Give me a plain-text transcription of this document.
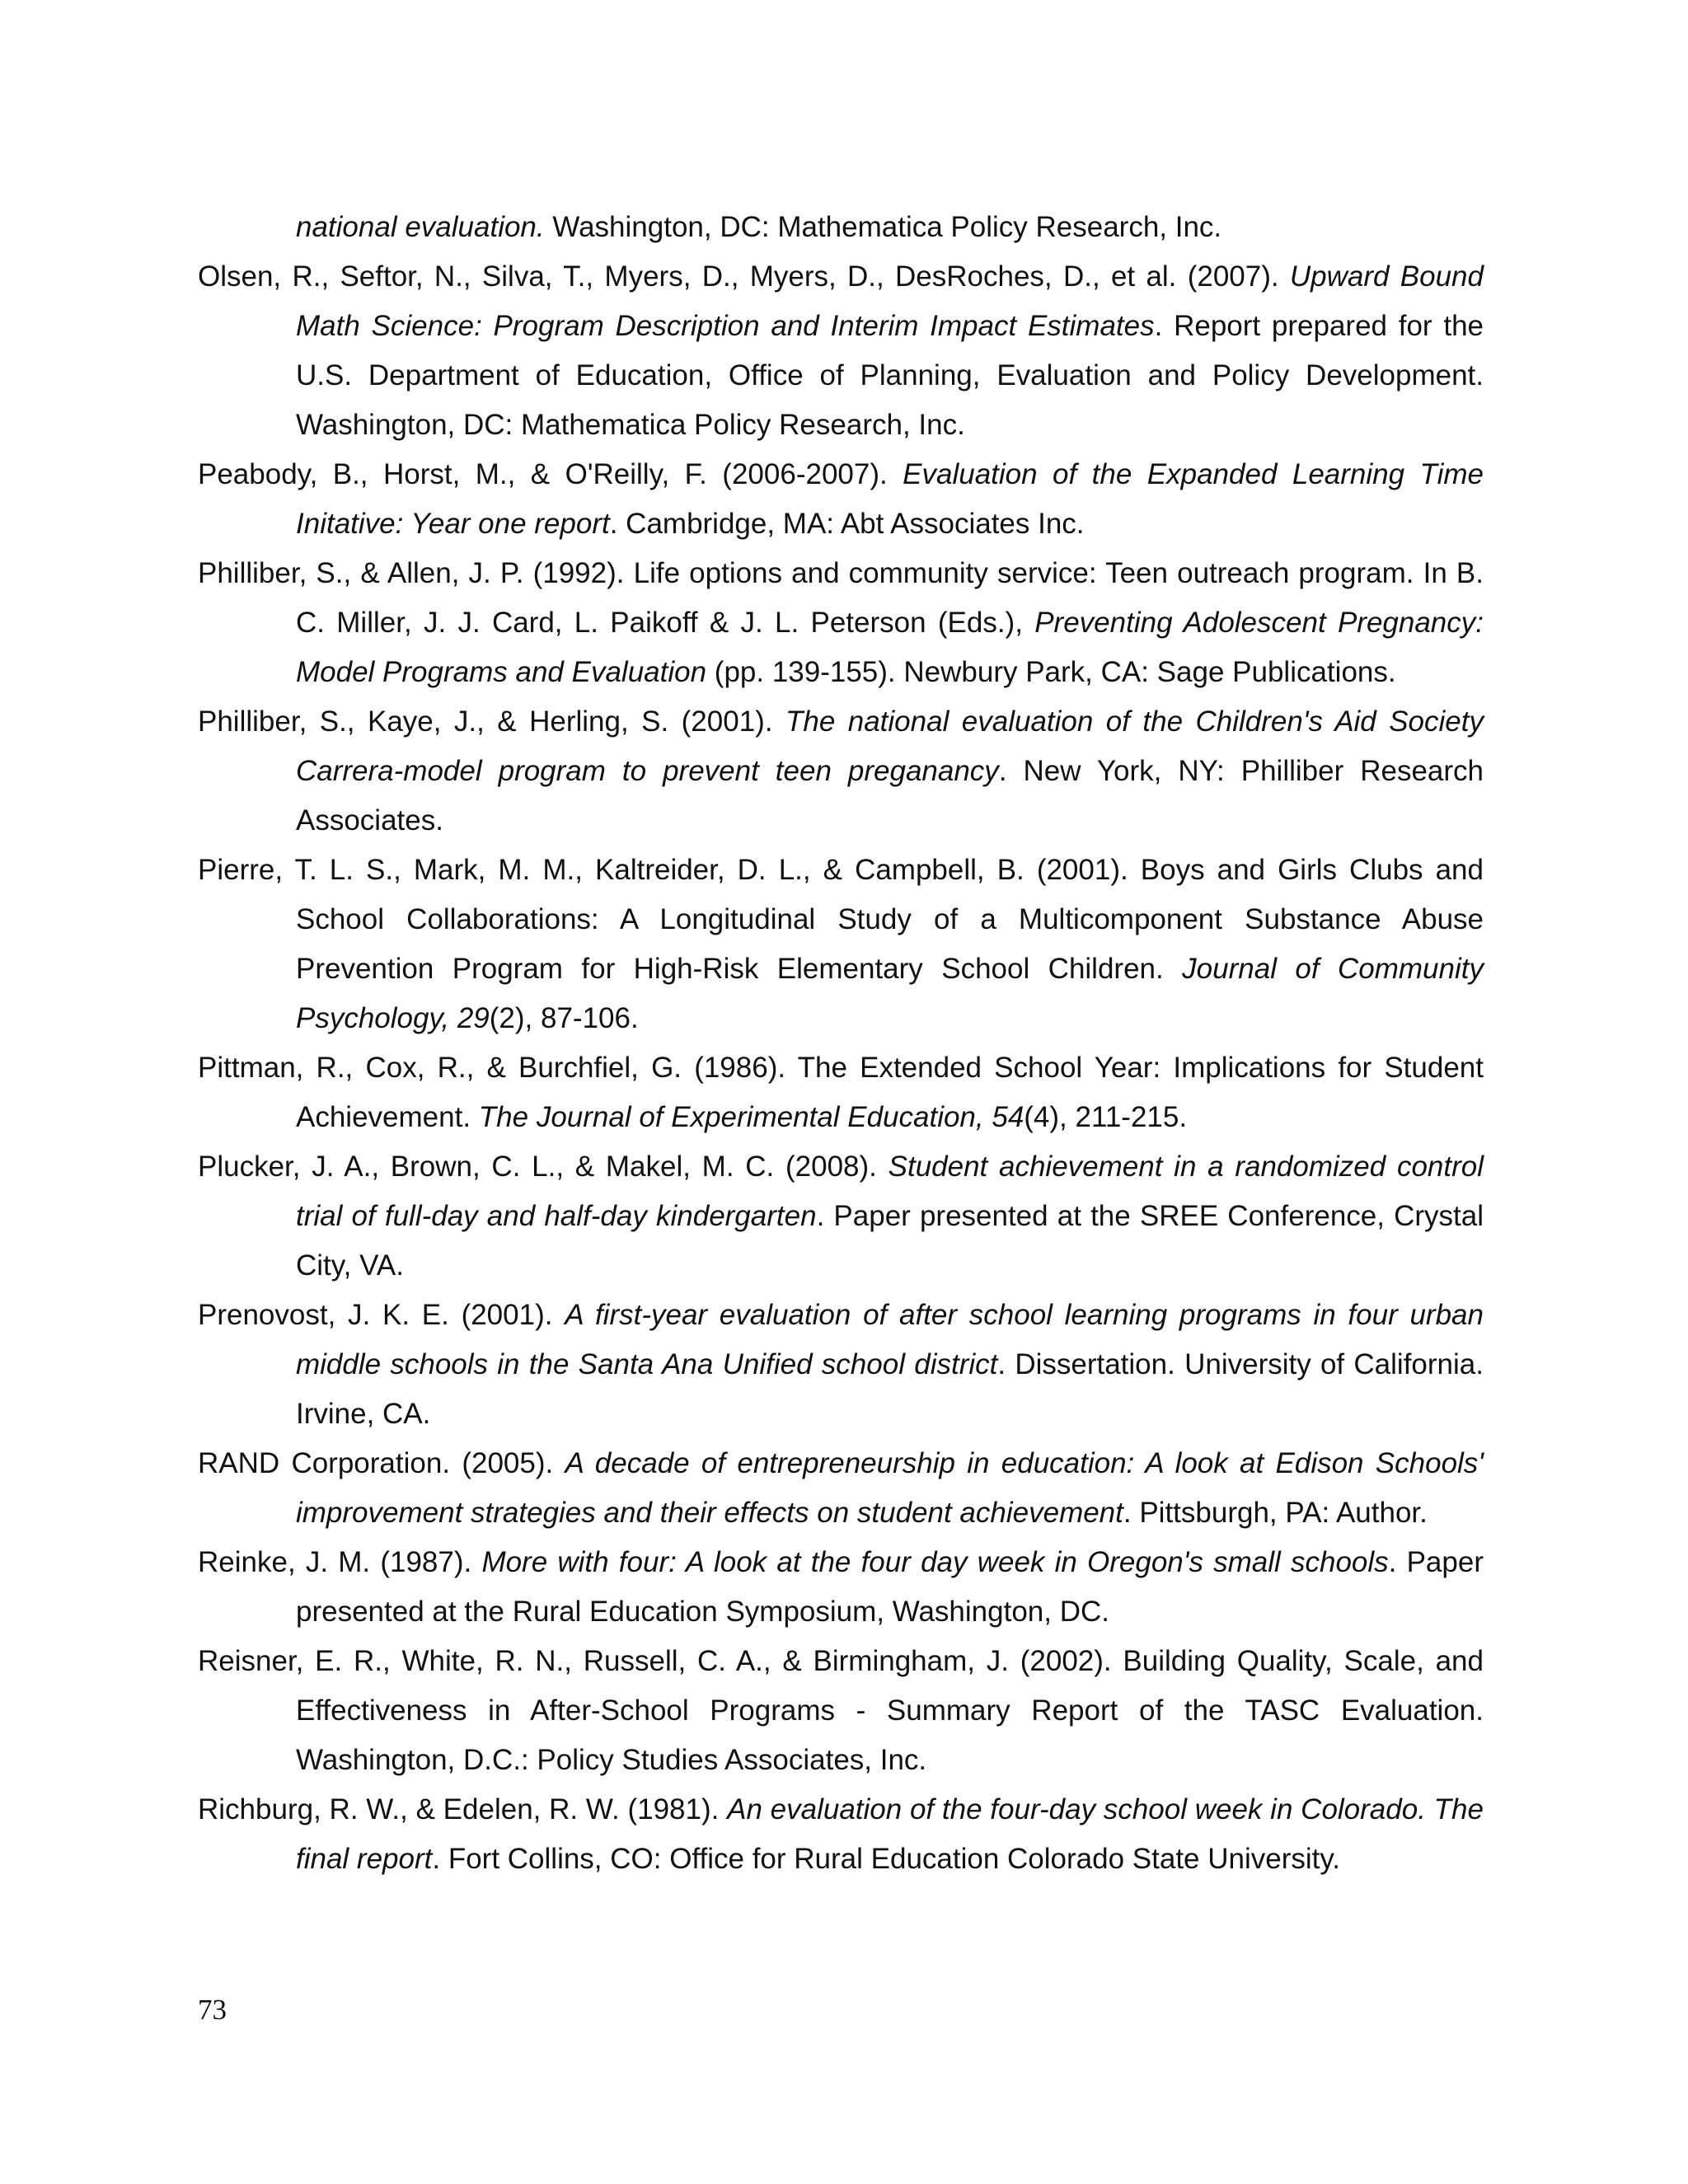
national evaluation. Washington, DC: Mathematica Policy Research, Inc.

Olsen, R., Seftor, N., Silva, T., Myers, D., Myers, D., DesRoches, D., et al. (2007). Upward Bound Math Science: Program Description and Interim Impact Estimates. Report prepared for the U.S. Department of Education, Office of Planning, Evaluation and Policy Development. Washington, DC: Mathematica Policy Research, Inc.

Peabody, B., Horst, M., & O'Reilly, F. (2006-2007). Evaluation of the Expanded Learning Time Initative: Year one report. Cambridge, MA: Abt Associates Inc.

Philliber, S., & Allen, J. P. (1992). Life options and community service: Teen outreach program. In B. C. Miller, J. J. Card, L. Paikoff & J. L. Peterson (Eds.), Preventing Adolescent Pregnancy: Model Programs and Evaluation (pp. 139-155). Newbury Park, CA: Sage Publications.

Philliber, S., Kaye, J., & Herling, S. (2001). The national evaluation of the Children's Aid Society Carrera-model program to prevent teen preganancy. New York, NY: Philliber Research Associates.

Pierre, T. L. S., Mark, M. M., Kaltreider, D. L., & Campbell, B. (2001). Boys and Girls Clubs and School Collaborations: A Longitudinal Study of a Multicomponent Substance Abuse Prevention Program for High-Risk Elementary School Children. Journal of Community Psychology, 29(2), 87-106.

Pittman, R., Cox, R., & Burchfiel, G. (1986). The Extended School Year: Implications for Student Achievement. The Journal of Experimental Education, 54(4), 211-215.

Plucker, J. A., Brown, C. L., & Makel, M. C. (2008). Student achievement in a randomized control trial of full-day and half-day kindergarten. Paper presented at the SREE Conference, Crystal City, VA.

Prenovost, J. K. E. (2001). A first-year evaluation of after school learning programs in four urban middle schools in the Santa Ana Unified school district. Dissertation. University of California. Irvine, CA.

RAND Corporation. (2005). A decade of entrepreneurship in education: A look at Edison Schools' improvement strategies and their effects on student achievement. Pittsburgh, PA: Author.

Reinke, J. M. (1987). More with four: A look at the four day week in Oregon's small schools. Paper presented at the Rural Education Symposium, Washington, DC.

Reisner, E. R., White, R. N., Russell, C. A., & Birmingham, J. (2002). Building Quality, Scale, and Effectiveness in After-School Programs - Summary Report of the TASC Evaluation. Washington, D.C.: Policy Studies Associates, Inc.

Richburg, R. W., & Edelen, R. W. (1981). An evaluation of the four-day school week in Colorado. The final report. Fort Collins, CO: Office for Rural Education Colorado State University.

73
